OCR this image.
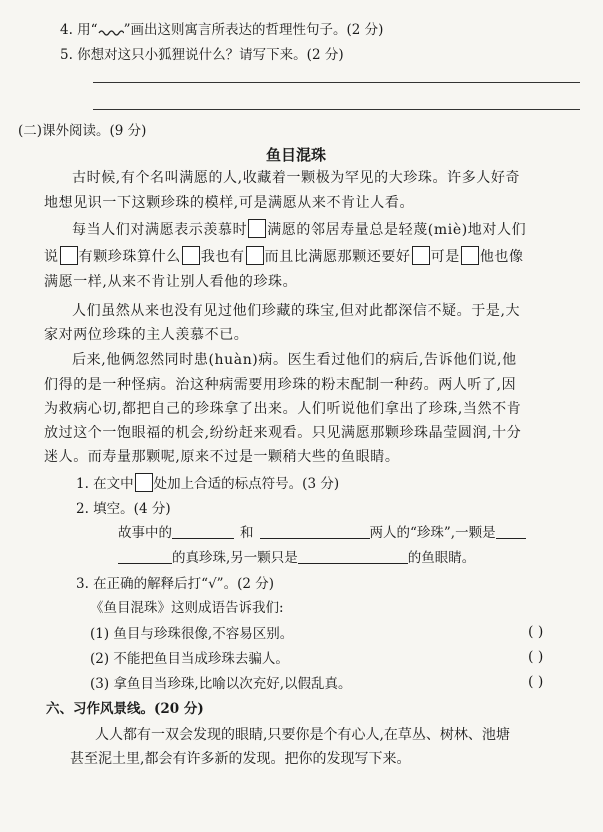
4. 用“ ”画出这则寓言所表达的哲理性句子。(2 分)
5. 你想对这只小狐狸说什么？请写下来。(2 分)
(二)课外阅读。(9 分)
鱼目混珠
古时候,有个名叫满愿的人,收藏着一颗极为罕见的大珍珠。许多人好奇
地想见识一下这颗珍珠的模样,可是满愿从来不肯让人看。
每当人们对满愿表示羡慕时 满愿的邻居寿量总是轻蔑(miè)地对人们
说 有颗珍珠算什么 我也有 而且比满愿那颗还要好 可是 他也像
满愿一样,从来不肯让别人看他的珍珠。
人们虽然从来也没有见过他们珍藏的珠宝,但对此都深信不疑。于是,大
家对两位珍珠的主人羡慕不已。
后来,他俩忽然同时患(huàn)病。医生看过他们的病后,告诉他们说,他
们得的是一种怪病。治这种病需要用珍珠的粉末配制一种药。两人听了,因
为救病心切,都把自己的珍珠拿了出来。人们听说他们拿出了珍珠,当然不肯
放过这个一饱眼福的机会,纷纷赶来观看。只见满愿那颗珍珠晶莹圆润,十分
迷人。而寿量那颗呢,原来不过是一颗稍大些的鱼眼睛。
1. 在文中 处加上合适的标点符号。(3 分)
2. 填空。(4 分)
故事中的	和	两人的“珍珠”,一颗是
的真珍珠,另一颗只是	的鱼眼睛。
3. 在正确的解释后打“√”。(2 分)
《鱼目混珠》这则成语告诉我们:
(1) 鱼目与珍珠很像,不容易区别。	( )
(2) 不能把鱼目当成珍珠去骗人。	( )
(3) 拿鱼目当珍珠,比喻以次充好,以假乱真。	( )
六、习作风景线。(20 分)
人人都有一双会发现的眼睛,只要你是个有心人,在草丛、树林、池塘
甚至泥土里,都会有许多新的发现。把你的发现写下来。
